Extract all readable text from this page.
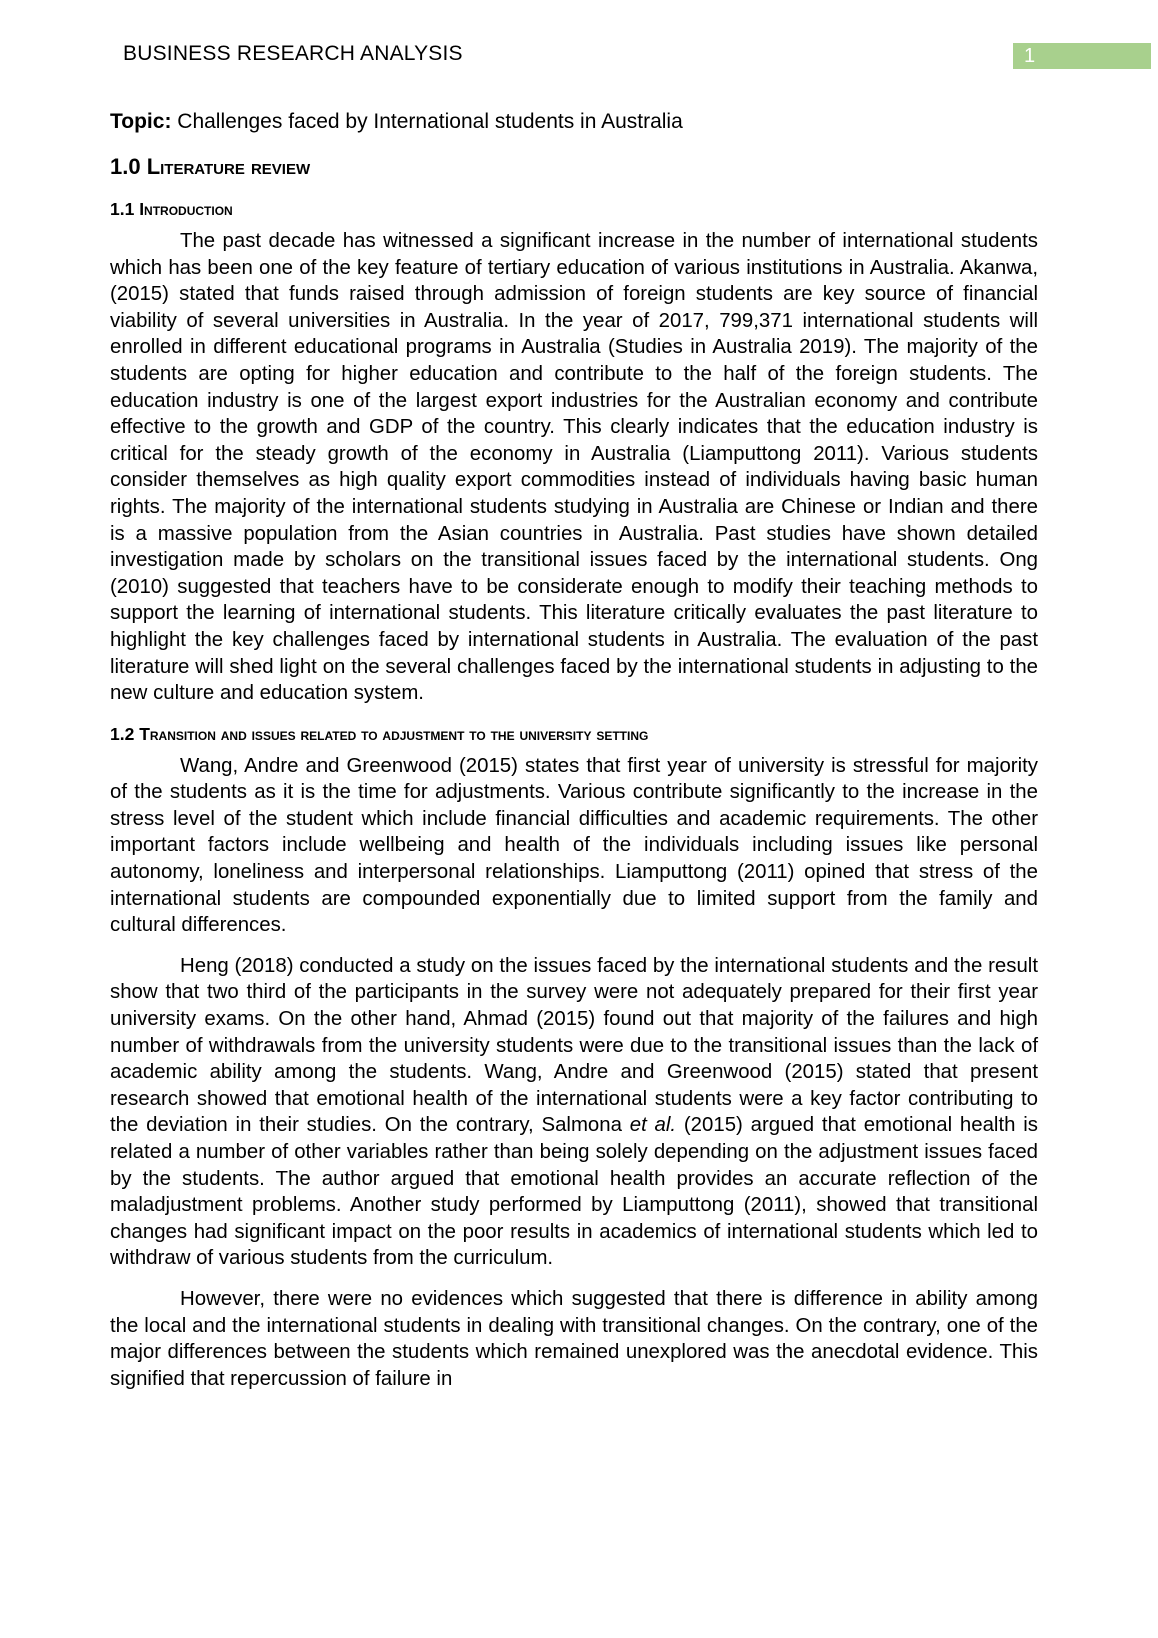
BUSINESS RESEARCH ANALYSIS	1
Topic: Challenges faced by International students in Australia
1.0 Literature review
1.1 Introduction

The past decade has witnessed a significant increase in the number of international students which has been one of the key feature of tertiary education of various institutions in Australia. Akanwa, (2015) stated that funds raised through admission of foreign students are key source of financial viability of several universities in Australia. In the year of 2017, 799,371 international students will enrolled in different educational programs in Australia (Studies in Australia 2019). The majority of the students are opting for higher education and contribute to the half of the foreign students. The education industry is one of the largest export industries for the Australian economy and contribute effective to the growth and GDP of the country. This clearly indicates that the education industry is critical for the steady growth of the economy in Australia (Liamputtong 2011). Various students consider themselves as high quality export commodities instead of individuals having basic human rights. The majority of the international students studying in Australia are Chinese or Indian and there is a massive population from the Asian countries in Australia. Past studies have shown detailed investigation made by scholars on the transitional issues faced by the international students. Ong (2010) suggested that teachers have to be considerate enough to modify their teaching methods to support the learning of international students. This literature critically evaluates the past literature to highlight the key challenges faced by international students in Australia. The evaluation of the past literature will shed light on the several challenges faced by the international students in adjusting to the new culture and education system.

1.2 Transition and issues related to adjustment to the university setting

Wang, Andre and Greenwood (2015) states that first year of university is stressful for majority of the students as it is the time for adjustments. Various contribute significantly to the increase in the stress level of the student which include financial difficulties and academic requirements. The other important factors include wellbeing and health of the individuals including issues like personal autonomy, loneliness and interpersonal relationships. Liamputtong (2011) opined that stress of the international students are compounded exponentially due to limited support from the family and cultural differences.

Heng (2018) conducted a study on the issues faced by the international students and the result show that two third of the participants in the survey were not adequately prepared for their first year university exams. On the other hand, Ahmad (2015) found out that majority of the failures and high number of withdrawals from the university students were due to the transitional issues than the lack of academic ability among the students. Wang, Andre and Greenwood (2015) stated that present research showed that emotional health of the international students were a key factor contributing to the deviation in their studies. On the contrary, Salmona et al. (2015) argued that emotional health is related a number of other variables rather than being solely depending on the adjustment issues faced by the students. The author argued that emotional health provides an accurate reflection of the maladjustment problems. Another study performed by Liamputtong (2011), showed that transitional changes had significant impact on the poor results in academics of international students which led to withdraw of various students from the curriculum.

However, there were no evidences which suggested that there is difference in ability among the local and the international students in dealing with transitional changes. On the contrary, one of the major differences between the students which remained unexplored was the anecdotal evidence. This signified that repercussion of failure in
